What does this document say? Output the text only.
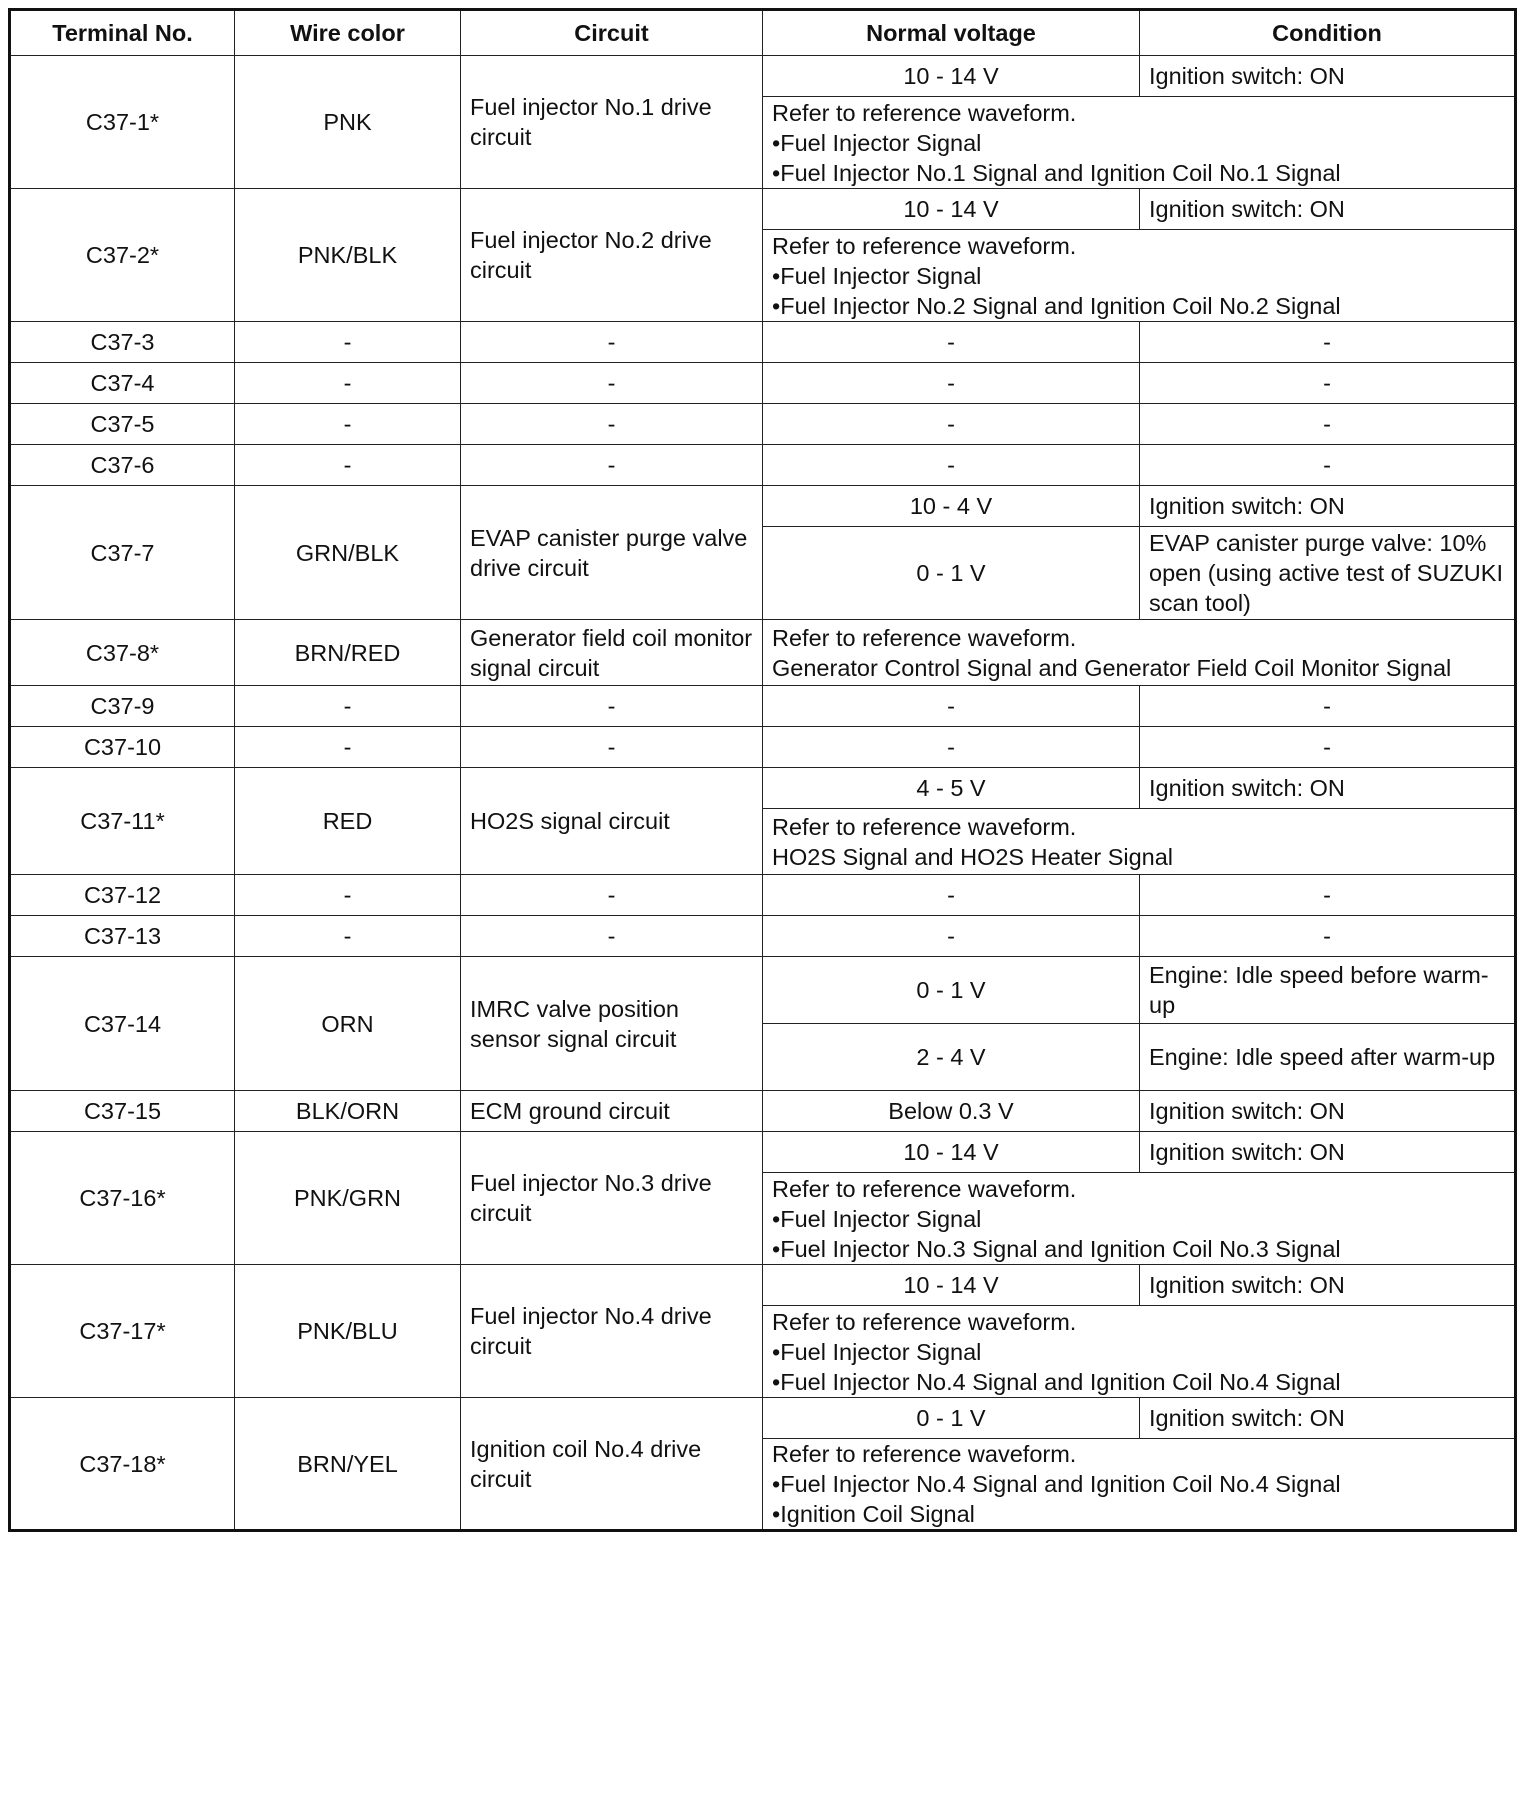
Terminal No.	Wire color	Circuit	Normal voltage	Condition
C37-1*	PNK	Fuel injector No.1 drive circuit	10 - 14 V	Ignition switch: ON
			Refer to reference waveform.
•Fuel Injector Signal
•Fuel Injector No.1 Signal and Ignition Coil No.1 Signal	
C37-2*	PNK/BLK	Fuel injector No.2 drive circuit	10 - 14 V	Ignition switch: ON
			Refer to reference waveform.
•Fuel Injector Signal
•Fuel Injector No.2 Signal and Ignition Coil No.2 Signal	
C37-3	-	-	-	-
C37-4	-	-	-	-
C37-5	-	-	-	-
C37-6	-	-	-	-
C37-7	GRN/BLK	EVAP canister purge valve drive circuit	10 - 4 V	Ignition switch: ON
			0 - 1 V	EVAP canister purge valve: 10% open (using active test of SUZUKI scan tool)
C37-8*	BRN/RED	Generator field coil monitor signal circuit	Refer to reference waveform.
Generator Control Signal and Generator Field Coil Monitor Signal	
C37-9	-	-	-	-
C37-10	-	-	-	-
C37-11*	RED	HO2S signal circuit	4 - 5 V	Ignition switch: ON
			Refer to reference waveform.
HO2S Signal and HO2S Heater Signal	
C37-12	-	-	-	-
C37-13	-	-	-	-
C37-14	ORN	IMRC valve position sensor signal circuit	0 - 1 V	Engine: Idle speed before warm-up
			2 - 4 V	Engine: Idle speed after warm-up
C37-15	BLK/ORN	ECM ground circuit	Below 0.3 V	Ignition switch: ON
C37-16*	PNK/GRN	Fuel injector No.3 drive circuit	10 - 14 V	Ignition switch: ON
			Refer to reference waveform.
•Fuel Injector Signal
•Fuel Injector No.3 Signal and Ignition Coil No.3 Signal	
C37-17*	PNK/BLU	Fuel injector No.4 drive circuit	10 - 14 V	Ignition switch: ON
			Refer to reference waveform.
•Fuel Injector Signal
•Fuel Injector No.4 Signal and Ignition Coil No.4 Signal	
C37-18*	BRN/YEL	Ignition coil No.4 drive circuit	0 - 1 V	Ignition switch: ON
			Refer to reference waveform.
•Fuel Injector No.4 Signal and Ignition Coil No.4 Signal
•Ignition Coil Signal	
